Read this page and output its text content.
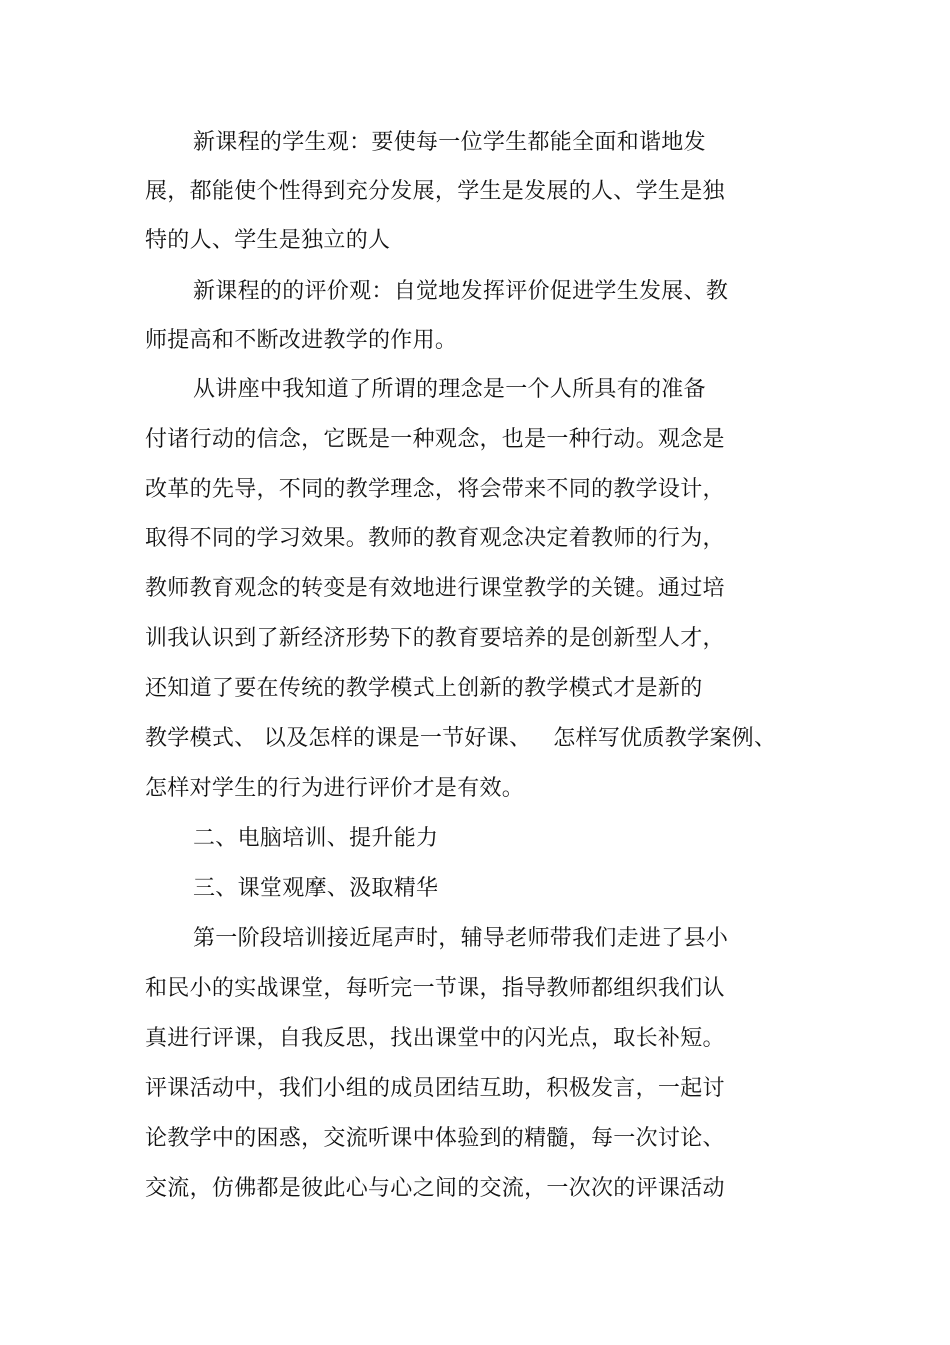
新课程的学生观：要使每一位学生都能全面和谐地发
展，都能使个性得到充分发展，学生是发展的人、学生是独
特的人、学生是独立的人
新课程的的评价观：自觉地发挥评价促进学生发展、教
师提高和不断改进教学的作用。
从讲座中我知道了所谓的理念是一个人所具有的准备
付诸行动的信念，它既是一种观念，也是一种行动。观念是
改革的先导，不同的教学理念，将会带来不同的教学设计，
取得不同的学习效果。教师的教育观念决定着教师的行为，
教师教育观念的转变是有效地进行课堂教学的关键。通过培
训我认识到了新经济形势下的教育要培养的是创新型人才，
还知道了要在传统的教学模式上创新的教学模式才是新的
教学模式、 以及怎样的课是一节好课、   怎样写优质教学案例、
怎样对学生的行为进行评价才是有效。
二、电脑培训、提升能力
三、课堂观摩、汲取精华
第一阶段培训接近尾声时，辅导老师带我们走进了县小
和民小的实战课堂，每听完一节课，指导教师都组织我们认
真进行评课，自我反思，找出课堂中的闪光点，取长补短。
评课活动中，我们小组的成员团结互助，积极发言，一起讨
论教学中的困惑，交流听课中体验到的精髓，每一次讨论、
交流，仿佛都是彼此心与心之间的交流，一次次的评课活动
